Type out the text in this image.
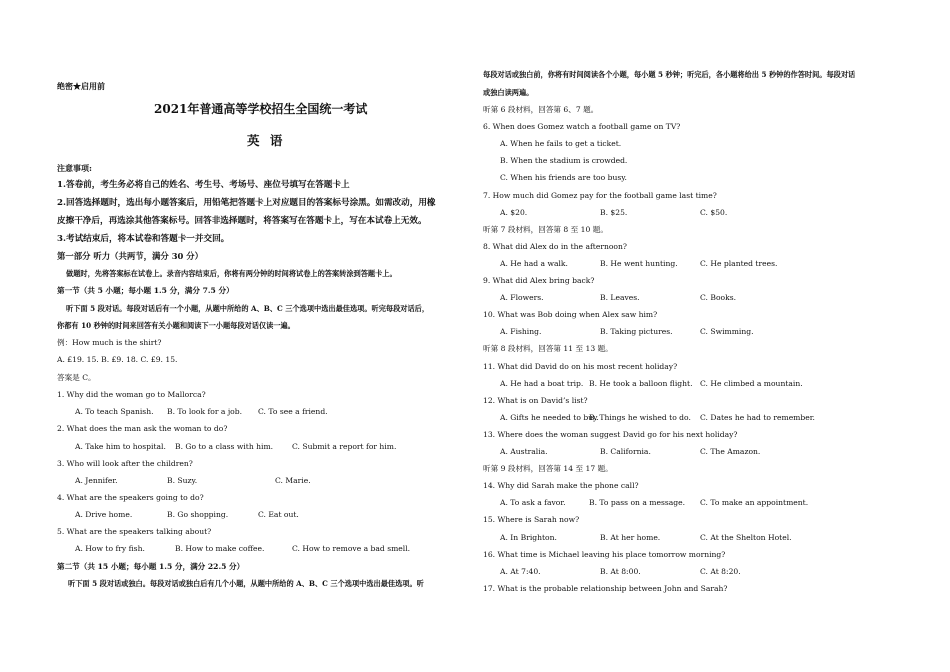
绝密★启用前
2021年普通高等学校招生全国统一考试
英 语
注意事项:
1.答卷前，考生务必将自己的姓名、考生号、考场号、座位号填写在答题卡上
2.回答选择题时，选出每小题答案后，用铅笔把答题卡上对应题目的答案标号涂黑。如需改动，用橡
皮擦干净后，再选涂其他答案标号。回答非选择题时，将答案写在答题卡上，写在本试卷上无效。
3.考试结束后，将本试卷和答题卡一并交回。
第一部分 听力（共两节，满分 30 分）
做题时，先将答案标在试卷上。录音内容结束后，你将有两分钟的时间将试卷上的答案转涂到答题卡上。
第一节（共 5 小题；每小题 1.5 分，满分 7.5 分）
听下面 5 段对话。每段对话后有一个小题，从题中所给的 A、B、C 三个选项中选出最佳选项。听完每段对话后，
你都有 10 秒钟的时间来回答有关小题和阅读下一小题每段对话仅读一遍。
例：How much is the shirt?
A. £19. 15. B. £9. 18. C. £9. 15.
答案是 C。
1. Why did the woman go to Mallorca?
A. To teach Spanish. B. To look for a job. C. To see a friend.
2. What does the man ask the woman to do?
A. Take him to hospital. B. Go to a class with him. C. Submit a report for him.
3. Who will look after the children?
A. Jennifer.	B. Suzy.	C. Marie.
4. What are the speakers going to do?
A. Drive home.	B. Go shopping.	C. Eat out.
5. What are the speakers talking about?
A. How to fry fish.	B. How to make coffee.	C. How to remove a bad smell.
第二节（共 15 小题；每小题 1.5 分，满分 22.5 分）
听下面 5 段对话或独白。每段对话或独白后有几个小题，从题中所给的 A、B、C 三个选项中选出最佳选项。听
每段对话或独白前，你将有时间阅读各个小题，每小题 5 秒钟；听完后，各小题将给出 5 秒钟的作答时间。每段对话
或独白读两遍。
听第 6 段材料，回答第 6、7 题。
6. When does Gomez watch a football game on TV?
A. When he fails to get a ticket.
B. When the stadium is crowded.
C. When his friends are too busy.
7. How much did Gomez pay for the football game last time?
A. $20.	B. $25.	C. $50.
听第 7 段材料，回答第 8 至 10 题。
8. What did Alex do in the afternoon?
A. He had a walk.	B. He went hunting.	C. He planted trees.
9. What did Alex bring back?
A. Flowers.	B. Leaves.	C. Books.
10. What was Bob doing when Alex saw him?
A. Fishing.	B. Taking pictures.	C. Swimming.
听第 8 段材料，回答第 11 至 13 题。
11. What did David do on his most recent holiday?
A. He had a boat trip. B. He took a balloon flight. C. He climbed a mountain.
12. What is on David’s list?
A. Gifts he needed to buy.
B. Things he wished to do. C. Dates he had to remember.
13. Where does the woman suggest David go for his next holiday?
A. Australia.	B. California.	C. The Amazon.
听第 9 段材料，回答第 14 至 17 题。
14. Why did Sarah make the phone call?
A. To ask a favor.	B. To pass on a message. C. To make an appointment.
15. Where is Sarah now?
A. In Brighton.	B. At her home.	C. At the Shelton Hotel.
16. What time is Michael leaving his place tomorrow morning?
A. At 7:40.	B. At 8:00.	C. At 8:20.
17. What is the probable relationship between John and Sarah?
